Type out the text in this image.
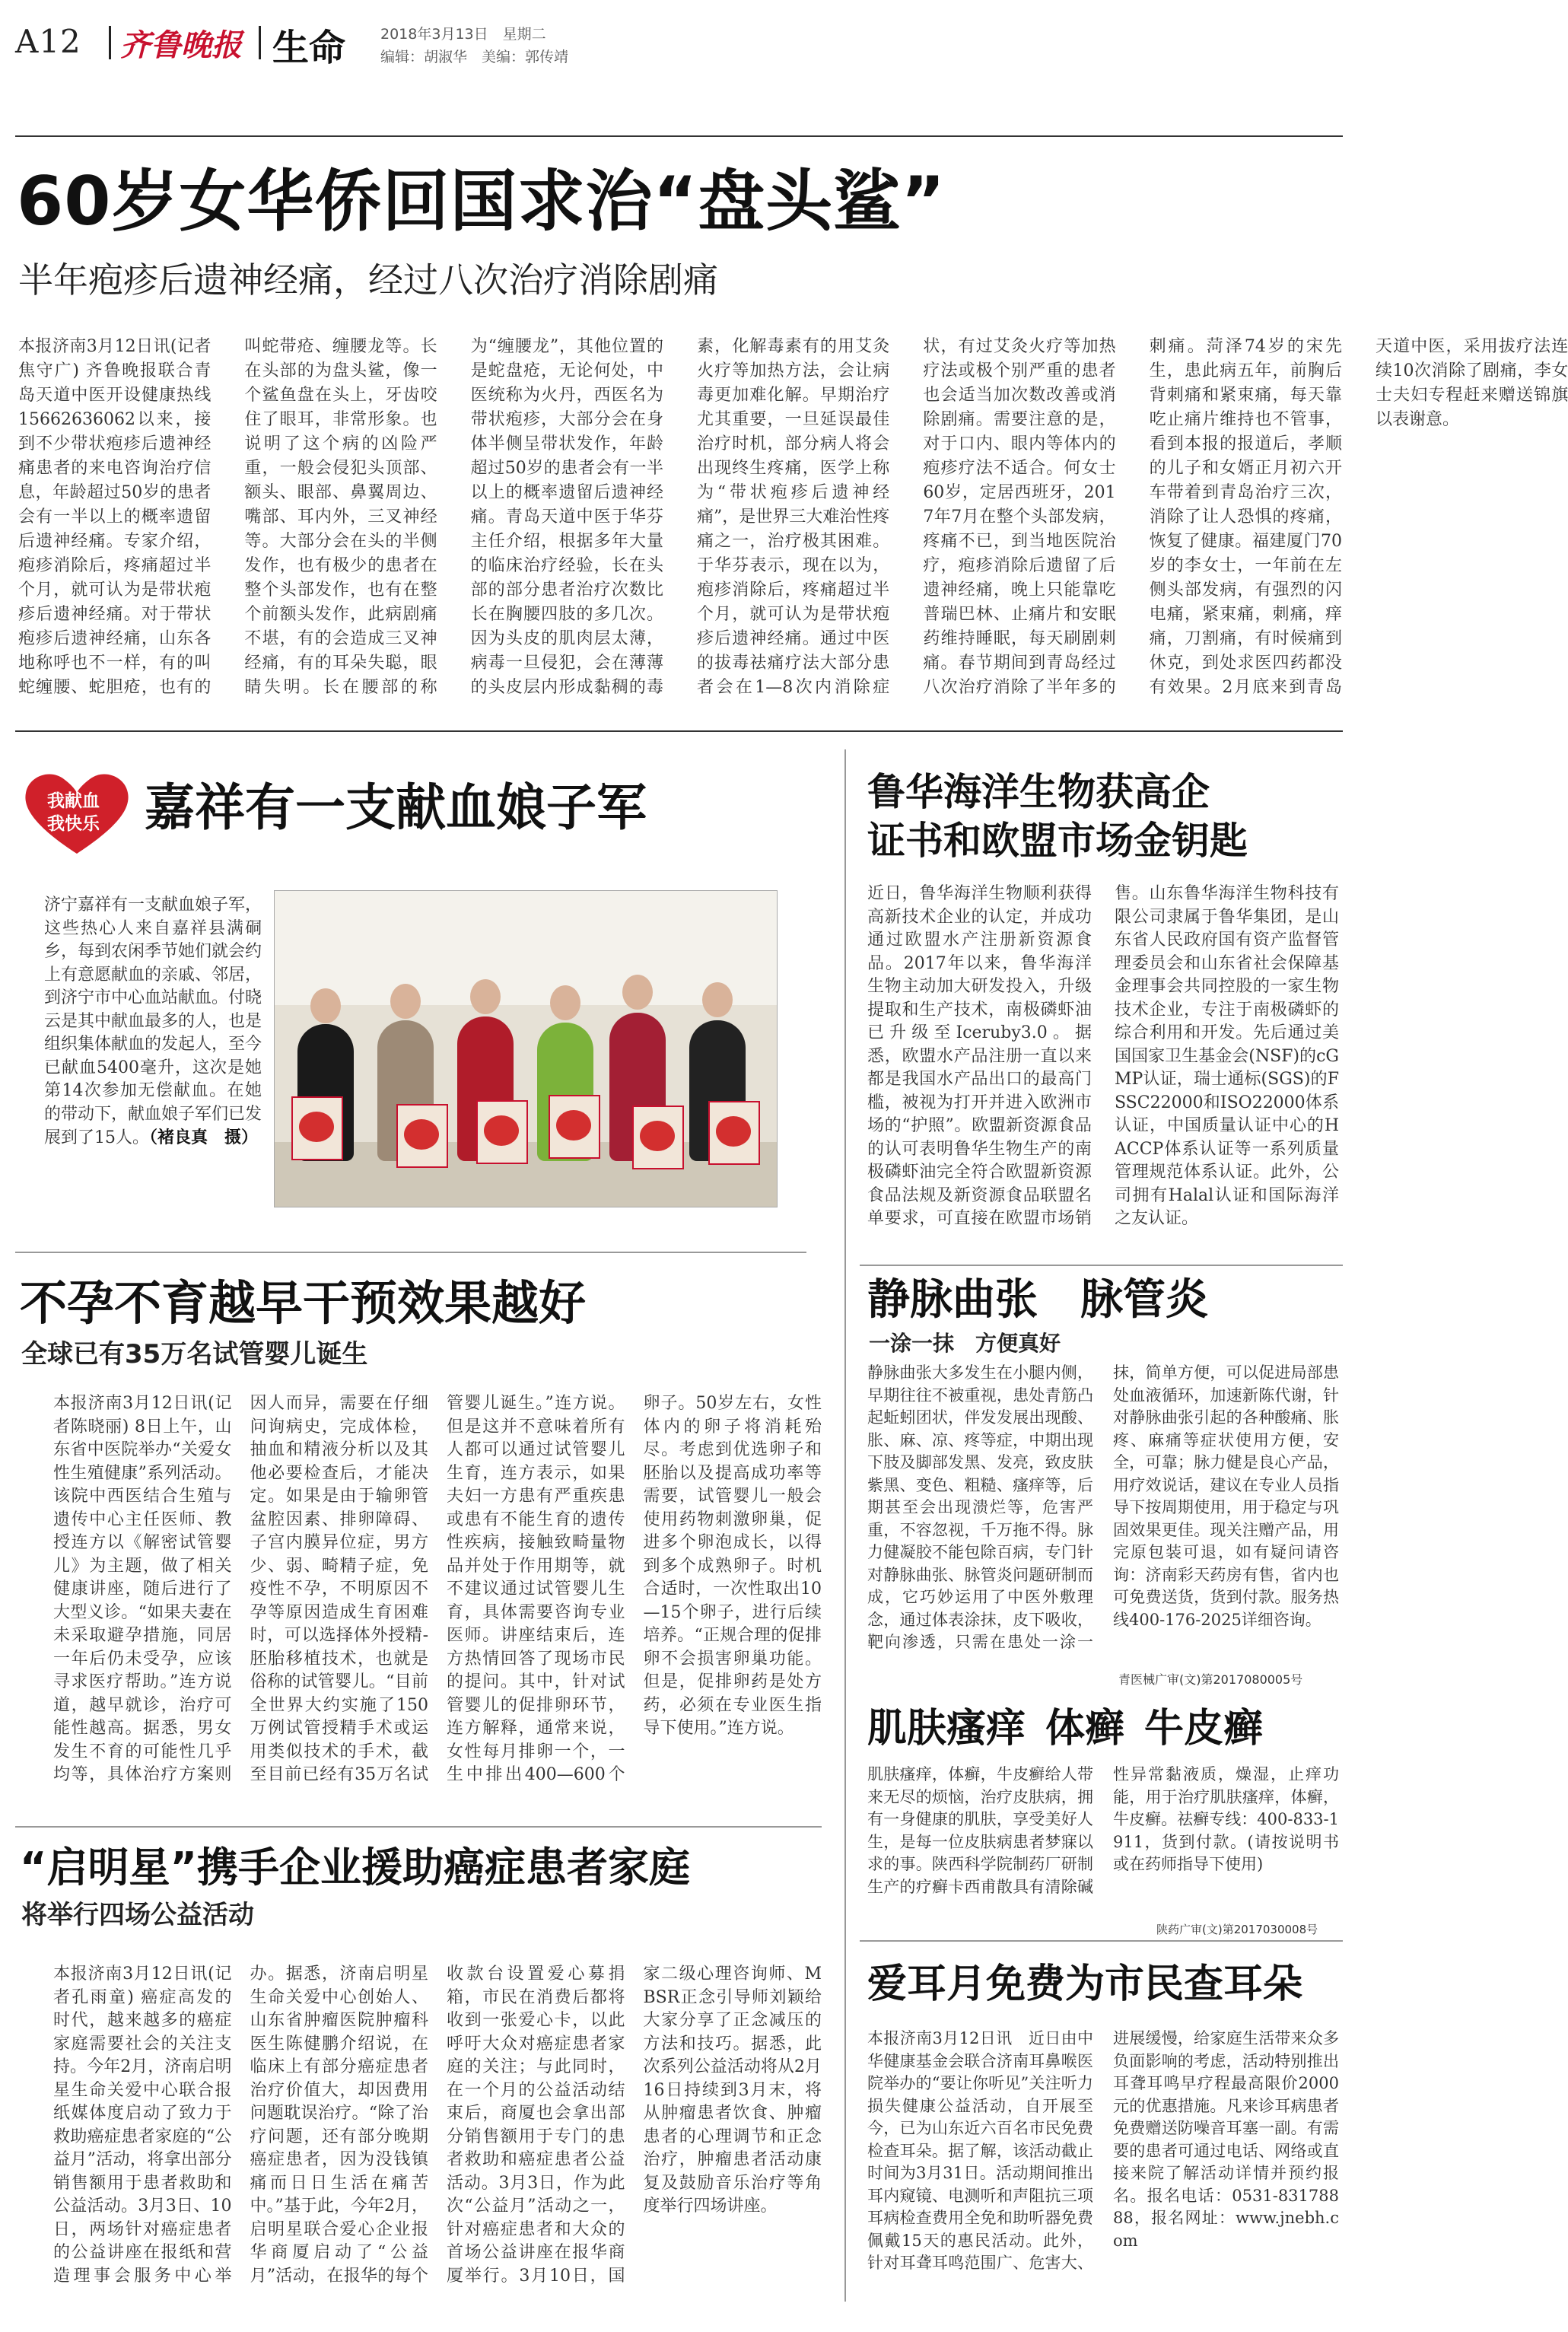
A12 齐鲁晚报 生命 2018年3月13日　星期二
编辑：胡淑华　美编：郭传靖
60岁女华侨回国求治“盘头鲨”
半年疱疹后遗神经痛，经过八次治疗消除剧痛
本报济南3月12日讯(记者焦守广) 齐鲁晚报联合青岛天道中医开设健康热线15662636062以来，接到不少带状疱疹后遗神经痛患者的来电咨询治疗信息，年龄超过50岁的患者会有一半以上的概率遗留后遗神经痛。专家介绍，疱疹消除后，疼痛超过半个月，就可认为是带状疱疹后遗神经痛。对于带状疱疹后遗神经痛，山东各地称呼也不一样，有的叫蛇缠腰、蛇胆疮，也有的叫蛇带疮、缠腰龙等。长在头部的为盘头鲨，像一个鲨鱼盘在头上，牙齿咬住了眼耳，非常形象。也说明了这个病的凶险严重，一般会侵犯头顶部、额头、眼部、鼻翼周边、嘴部、耳内外，三叉神经等。大部分会在头的半侧发作，也有极少的患者在整个头部发作，也有在整个前额头发作，此病剧痛不堪，有的会造成三叉神经痛，有的耳朵失聪，眼睛失明。长在腰部的称为“缠腰龙”，其他位置的是蛇盘疮，无论何处，中医统称为火丹，西医名为带状疱疹，大部分会在身体半侧呈带状发作，年龄超过50岁的患者会有一半以上的概率遗留后遗神经痛。青岛天道中医于华芬主任介绍，根据多年大量的临床治疗经验，长在头部的部分患者治疗次数比长在胸腰四肢的多几次。因为头皮的肌肉层太薄，病毒一旦侵犯，会在薄薄的头皮层内形成黏稠的毒素，化解毒素有的用艾灸火疗等加热方法，会让病毒更加难化解。早期治疗尤其重要，一旦延误最佳治疗时机，部分病人将会出现终生疼痛，医学上称为“带状疱疹后遗神经痛”，是世界三大难治性疼痛之一，治疗极其困难。于华芬表示，现在以为，疱疹消除后，疼痛超过半个月，就可认为是带状疱疹后遗神经痛。通过中医的拔毒祛痛疗法大部分患者会在1—8次内消除症状，有过艾灸火疗等加热疗法或极个别严重的患者也会适当加次数改善或消除剧痛。需要注意的是，对于口内、眼内等体内的疱疹疗法不适合。何女士60岁，定居西班牙，2017年7月在整个头部发病，疼痛不已，到当地医院治疗，疱疹消除后遗留了后遗神经痛，晚上只能靠吃普瑞巴林、止痛片和安眠药维持睡眠，每天刷剧刺痛。春节期间到青岛经过八次治疗消除了半年多的刺痛。菏泽74岁的宋先生，患此病五年，前胸后背刺痛和紧束痛，每天靠吃止痛片维持也不管事，看到本报的报道后，孝顺的儿子和女婿正月初六开车带着到青岛治疗三次，消除了让人恐惧的疼痛，恢复了健康。福建厦门70岁的李女士，一年前在左侧头部发病，有强烈的闪电痛，紧束痛，刺痛，痒痛，刀割痛，有时候痛到休克，到处求医四药都没有效果。2月底来到青岛天道中医，采用拔疗法连续10次消除了剧痛，李女士夫妇专程赶来赠送锦旗以表谢意。
我献血
我快乐 嘉祥有一支献血娘子军
济宁嘉祥有一支献血娘子军，这些热心人来自嘉祥县满硐乡，每到农闲季节她们就会约上有意愿献血的亲戚、邻居，到济宁市中心血站献血。付晓云是其中献血最多的人，也是组织集体献血的发起人，至今已献血5400毫升，这次是她第14次参加无偿献血。在她的带动下，献血娘子军们已发展到了15人。（褚良真　摄）
鲁华海洋生物获高企
证书和欧盟市场金钥匙
近日，鲁华海洋生物顺利获得高新技术企业的认定，并成功通过欧盟水产注册新资源食品。2017年以来，鲁华海洋生物主动加大研发投入，升级提取和生产技术，南极磷虾油已升级至Iceruby3.0。据悉，欧盟水产品注册一直以来都是我国水产品出口的最高门槛，被视为打开并进入欧洲市场的“护照”。欧盟新资源食品的认可表明鲁华生物生产的南极磷虾油完全符合欧盟新资源食品法规及新资源食品联盟名单要求，可直接在欧盟市场销售。山东鲁华海洋生物科技有限公司隶属于鲁华集团，是山东省人民政府国有资产监督管理委员会和山东省社会保障基金理事会共同控股的一家生物技术企业，专注于南极磷虾的综合利用和开发。先后通过美国国家卫生基金会(NSF)的cGMP认证，瑞士通标(SGS)的FSSC22000和ISO22000体系认证，中国质量认证中心的HACCP体系认证等一系列质量管理规范体系认证。此外，公司拥有Halal认证和国际海洋之友认证。
不孕不育越早干预效果越好
全球已有35万名试管婴儿诞生
本报济南3月12日讯(记者陈晓丽) 8日上午，山东省中医院举办“关爱女性生殖健康”系列活动。该院中西医结合生殖与遗传中心主任医师、教授连方以《解密试管婴儿》为主题，做了相关健康讲座，随后进行了大型义诊。“如果夫妻在未采取避孕措施，同居一年后仍未受孕，应该寻求医疗帮助。”连方说道，越早就诊，治疗可能性越高。据悉，男女发生不育的可能性几乎均等，具体治疗方案则因人而异，需要在仔细问询病史，完成体检，抽血和精液分析以及其他必要检查后，才能决定。如果是由于输卵管盆腔因素、排卵障碍、子宫内膜异位症，男方少、弱、畸精子症，免疫性不孕，不明原因不孕等原因造成生育困难时，可以选择体外授精-胚胎移植技术，也就是俗称的试管婴儿。“目前全世界大约实施了150万例试管授精手术或运用类似技术的手术，截至目前已经有35万名试管婴儿诞生。”连方说。但是这并不意味着所有人都可以通过试管婴儿生育，连方表示，如果夫妇一方患有严重疾患或患有不能生育的遗传性疾病，接触致畸量物品并处于作用期等，就不建议通过试管婴儿生育，具体需要咨询专业医师。讲座结束后，连方热情回答了现场市民的提问。其中，针对试管婴儿的促排卵环节，连方解释，通常来说，女性每月排卵一个，一生中排出400—600个卵子。50岁左右，女性体内的卵子将消耗殆尽。考虑到优选卵子和胚胎以及提高成功率等需要，试管婴儿一般会使用药物刺激卵巢，促进多个卵泡成长，以得到多个成熟卵子。时机合适时，一次性取出10—15个卵子，进行后续培养。“正规合理的促排卵不会损害卵巢功能。但是，促排卵药是处方药，必须在专业医生指导下使用。”连方说。
静脉曲张 脉管炎
一涂一抹　方便真好
静脉曲张大多发生在小腿内侧，早期往往不被重视，患处青筋凸起蚯蚓团状，伴发发展出现酸、胀、麻、凉、疼等症，中期出现下肢及脚部发黑、发亮，致皮肤紫黑、变色、粗糙、瘙痒等，后期甚至会出现溃烂等，危害严重，不容忽视，千万拖不得。脉力健凝胶不能包除百病，专门针对静脉曲张、脉管炎问题研制而成，它巧妙运用了中医外敷理念，通过体表涂抹，皮下吸收，靶向渗透，只需在患处一涂一抹，简单方便，可以促进局部患处血液循环，加速新陈代谢，针对静脉曲张引起的各种酸痛、胀疼、麻痛等症状使用方便，安全，可靠；脉力健是良心产品，用疗效说话，建议在专业人员指导下按周期使用，用于稳定与巩固效果更佳。现关注赠产品，用完原包装可退，如有疑问请咨询：济南彩天药房有售，省内也可免费送货，货到付款。服务热线400-176-2025详细咨询。
青医械广审(文)第2017080005号
肌肤瘙痒 体癣 牛皮癣
肌肤瘙痒，体癣，牛皮癣给人带来无尽的烦恼，治疗皮肤病，拥有一身健康的肌肤，享受美好人生，是每一位皮肤病患者梦寐以求的事。陕西科学院制药厂研制生产的疗癣卡西甫散具有清除碱性异常黏液质，燥湿，止痒功能，用于治疗肌肤瘙痒，体癣，牛皮癣。祛癣专线：400-833-1911，货到付款。(请按说明书或在药师指导下使用)
陕药广审(文)第2017030008号
“启明星”携手企业援助癌症患者家庭
将举行四场公益活动
本报济南3月12日讯(记者孔雨童) 癌症高发的时代，越来越多的癌症家庭需要社会的关注支持。今年2月，济南启明星生命关爱中心联合报纸媒体度启动了致力于救助癌症患者家庭的“公益月”活动，将拿出部分销售额用于患者救助和公益活动。3月3日、10日，两场针对癌症患者的公益讲座在报纸和营造理事会服务中心举办。据悉，济南启明星生命关爱中心创始人、山东省肿瘤医院肿瘤科医生陈健鹏介绍说，在临床上有部分癌症患者治疗价值大，却因费用问题耽误治疗。“除了治疗问题，还有部分晚期癌症患者，因为没钱镇痛而日日生活在痛苦中。”基于此，今年2月，启明星联合爱心企业报华商厦启动了“公益月”活动，在报华的每个收款台设置爱心募捐箱，市民在消费后都将收到一张爱心卡，以此呼吁大众对癌症患者家庭的关注；与此同时，在一个月的公益活动结束后，商厦也会拿出部分销售额用于专门的患者救助和癌症患者公益活动。3月3日，作为此次“公益月”活动之一，针对癌症患者和大众的首场公益讲座在报华商厦举行。3月10日，国家二级心理咨询师、MBSR正念引导师刘颖给大家分享了正念减压的方法和技巧。据悉，此次系列公益活动将从2月16日持续到3月末，将从肿瘤患者饮食、肿瘤患者的心理调节和正念治疗，肿瘤患者活动康复及鼓励音乐治疗等角度举行四场讲座。
爱耳月免费为市民查耳朵
本报济南3月12日讯　近日由中华健康基金会联合济南耳鼻喉医院举办的“要让你听见”关注听力损失健康公益活动，自开展至今，已为山东近六百名市民免费检查耳朵。据了解，该活动截止时间为3月31日。活动期间推出耳内窥镜、电测听和声阻抗三项耳病检查费用全免和助听器免费佩戴15天的惠民活动。此外，针对耳聋耳鸣范围广、危害大、进展缓慢，给家庭生活带来众多负面影响的考虑，活动特别推出耳聋耳鸣早疗程最高限价2000元的优惠措施。凡来诊耳病患者免费赠送防噪音耳塞一副。有需要的患者可通过电话、网络或直接来院了解活动详情并预约报名。报名电话：0531-83178888，报名网址：www.jnebh.com
